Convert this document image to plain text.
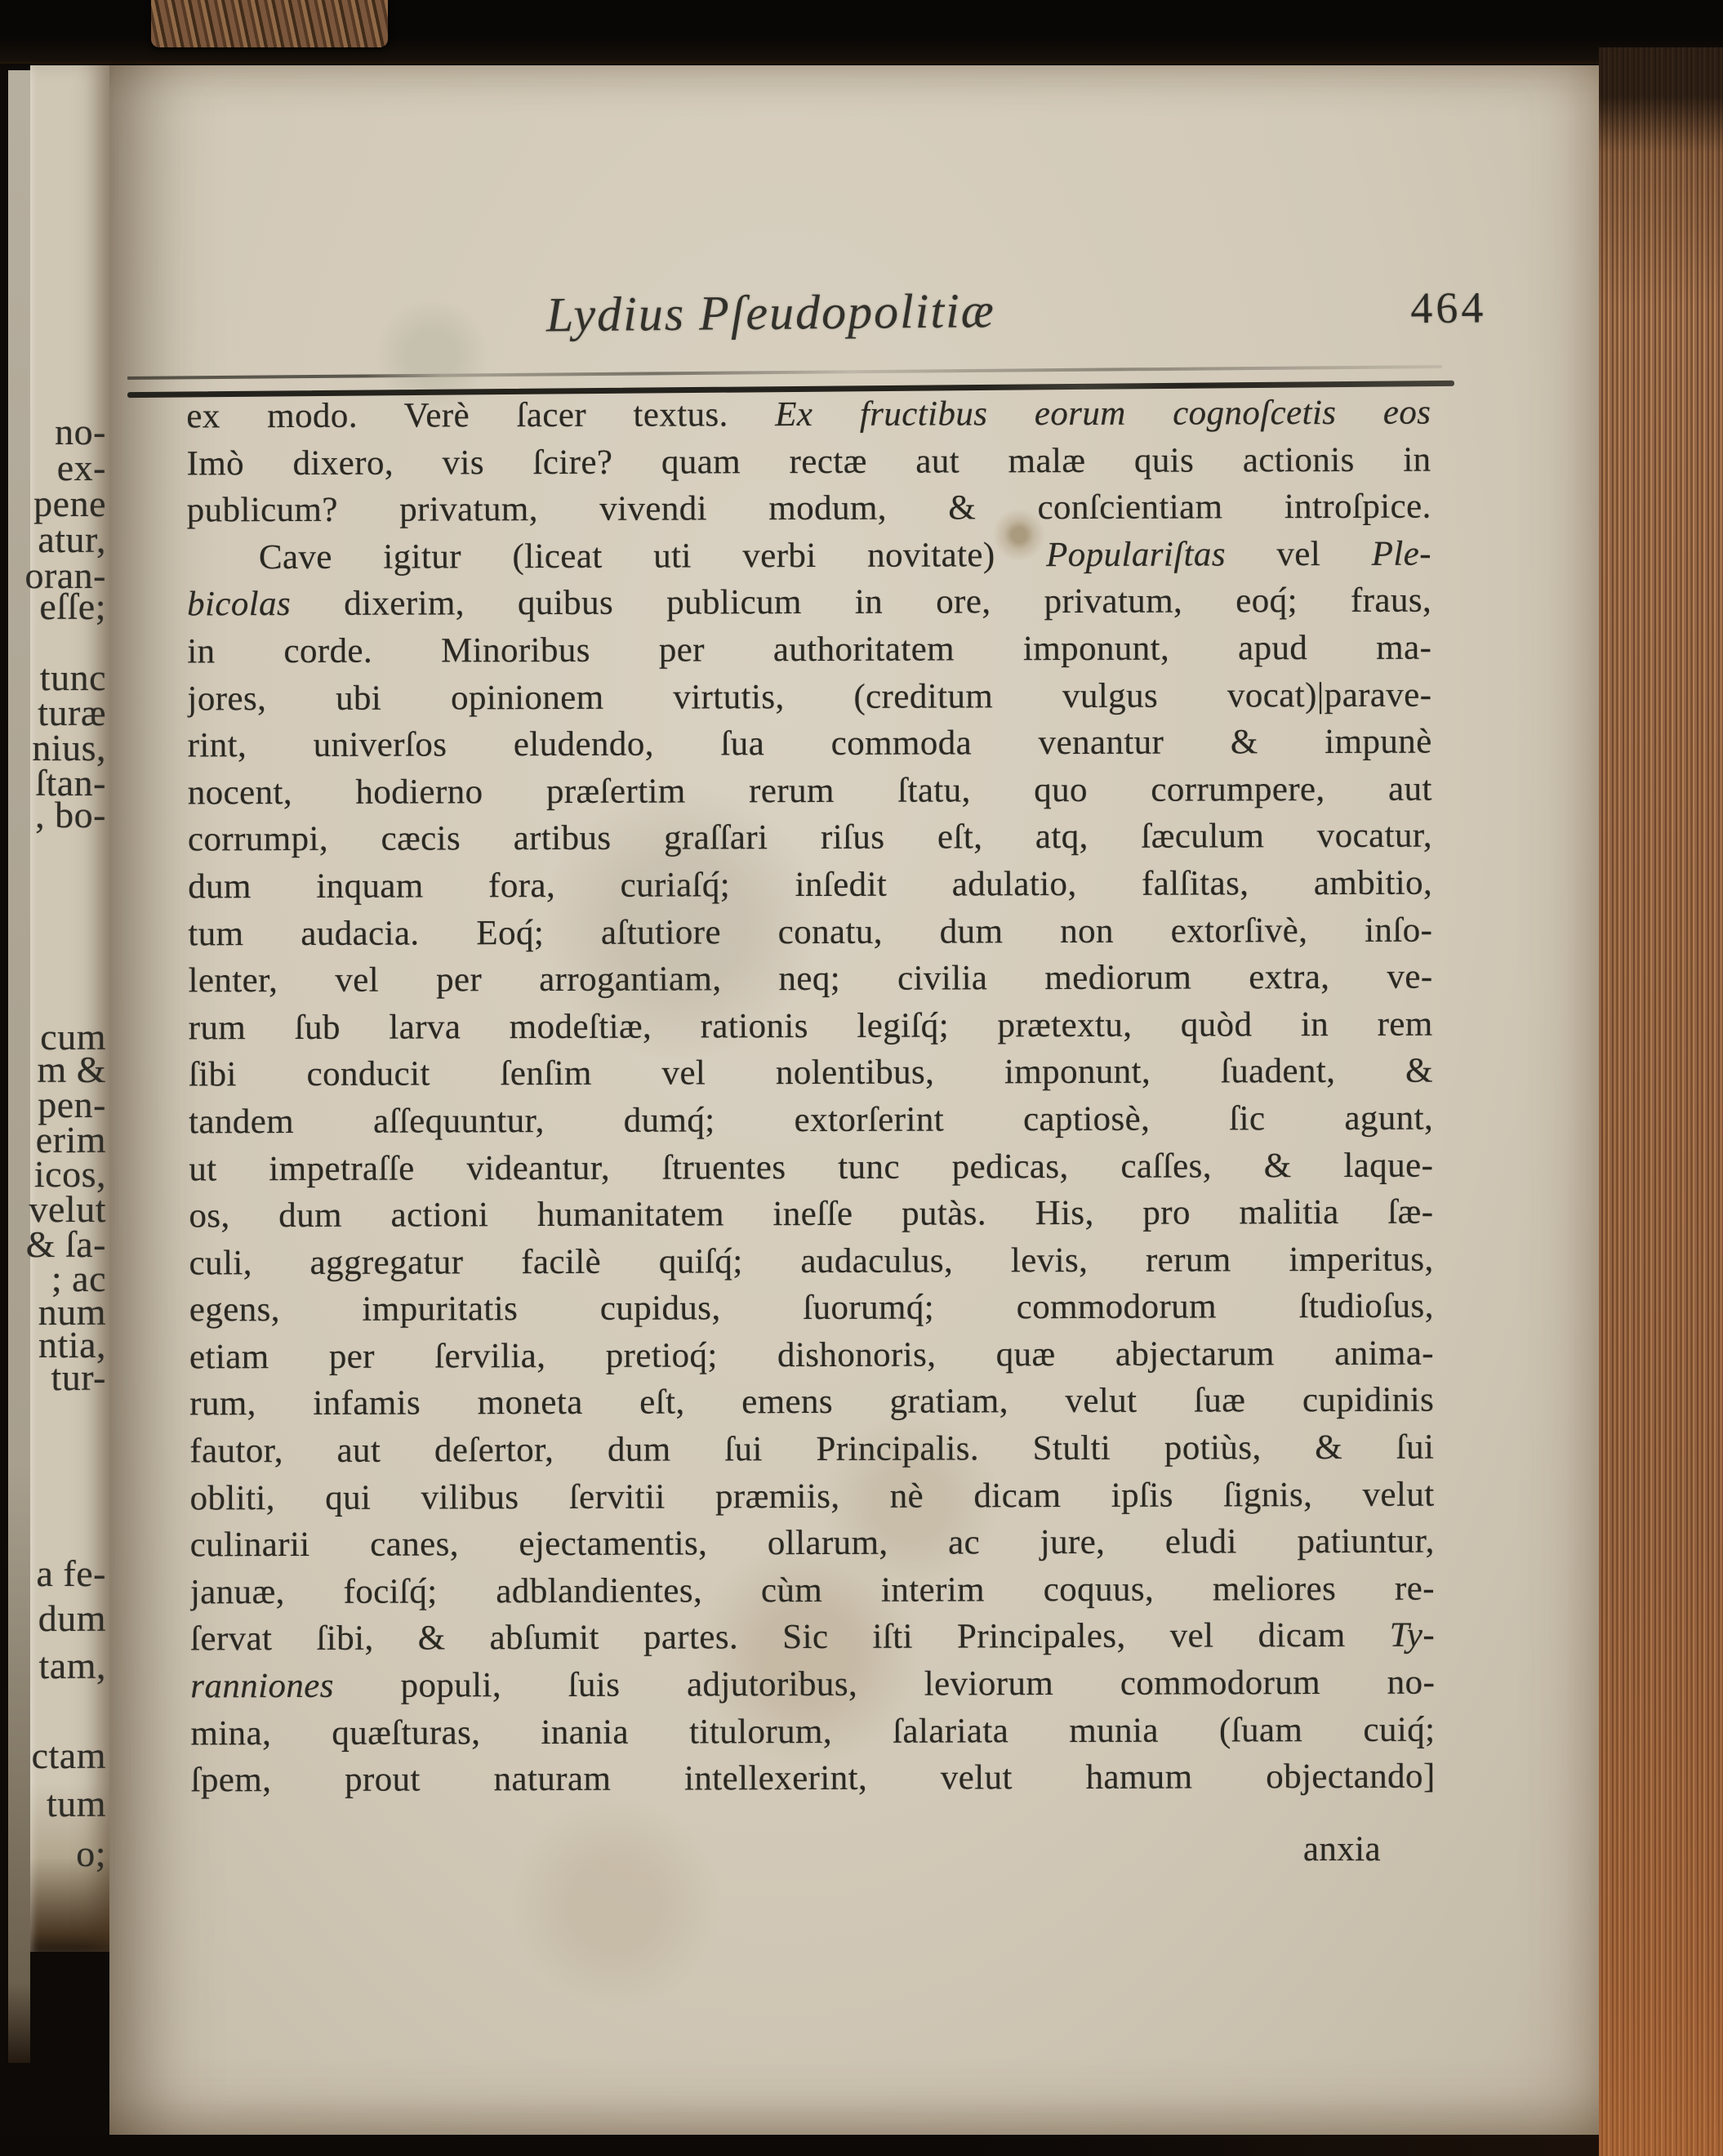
no-
ex-
pene
atur,
oran-
eſſe;
tunc
turæ
nius,
ſtan-
, bo-
cum
m &
pen-
erim
icos,
velut
& ſa-
; ac
num
ntia,
tur-
a fe-
dum
tam,
ctam
tum
o;
Lydius Pſeudopolitiæ	464
ex modo. Verè ſacer textus. Ex fructibus eorum cognoſcetis eos
Imò dixero, vis ſcire? quam rectæ aut malæ quis actionis in
publicum? privatum, vivendi modum, & conſcientiam introſpice.
Cave igitur (liceat uti verbi novitate) Populariſtas vel Ple-
bicolas dixerim, quibus publicum in ore, privatum, eoq́; fraus,
in corde. Minoribus per authoritatem imponunt, apud ma-
jores, ubi opinionem virtutis, (creditum vulgus vocat)|parave-
rint, univerſos eludendo, ſua commoda venantur & impunè
nocent, hodierno præſertim rerum ſtatu, quo corrumpere, aut
corrumpi, cæcis artibus graſſari riſus eſt, atq, ſæculum vocatur,
dum inquam fora, curiaſq́; inſedit adulatio, falſitas, ambitio,
tum audacia. Eoq́; aſtutiore conatu, dum non extorſivè, inſo-
lenter, vel per arrogantiam, neq; civilia mediorum extra, ve-
rum ſub larva modeſtiæ, rationis legiſq́; prætextu, quòd in rem
ſibi conducit ſenſim vel nolentibus, imponunt, ſuadent, &
tandem aſſequuntur, dumq́; extorſerint captiosè, ſic agunt,
ut impetraſſe videantur, ſtruentes tunc pedicas, caſſes, & laque-
os, dum actioni humanitatem ineſſe putàs. His, pro malitia ſæ-
culi, aggregatur facilè quiſq́; audaculus, levis, rerum imperitus,
egens, impuritatis cupidus, ſuorumq́; commodorum ſtudioſus,
etiam per ſervilia, pretioq́; dishonoris, quæ abjectarum anima-
rum, infamis moneta eſt, emens gratiam, velut ſuæ cupidinis
fautor, aut deſertor, dum ſui Principalis. Stulti potiùs, & ſui
obliti, qui vilibus ſervitii præmiis, nè dicam ipſis ſignis, velut
culinarii canes, ejectamentis, ollarum, ac jure, eludi patiuntur,
januæ, fociſq́; adblandientes, cùm interim coquus, meliores re-
ſervat ſibi, & abſumit partes. Sic iſti Principales, vel dicam Ty-
ranniones populi, ſuis adjutoribus, leviorum commodorum no-
mina, quæſturas, inania titulorum, ſalariata munia (ſuam cuiq́;
ſpem, prout naturam intellexerint, velut hamum objectando]
anxia
